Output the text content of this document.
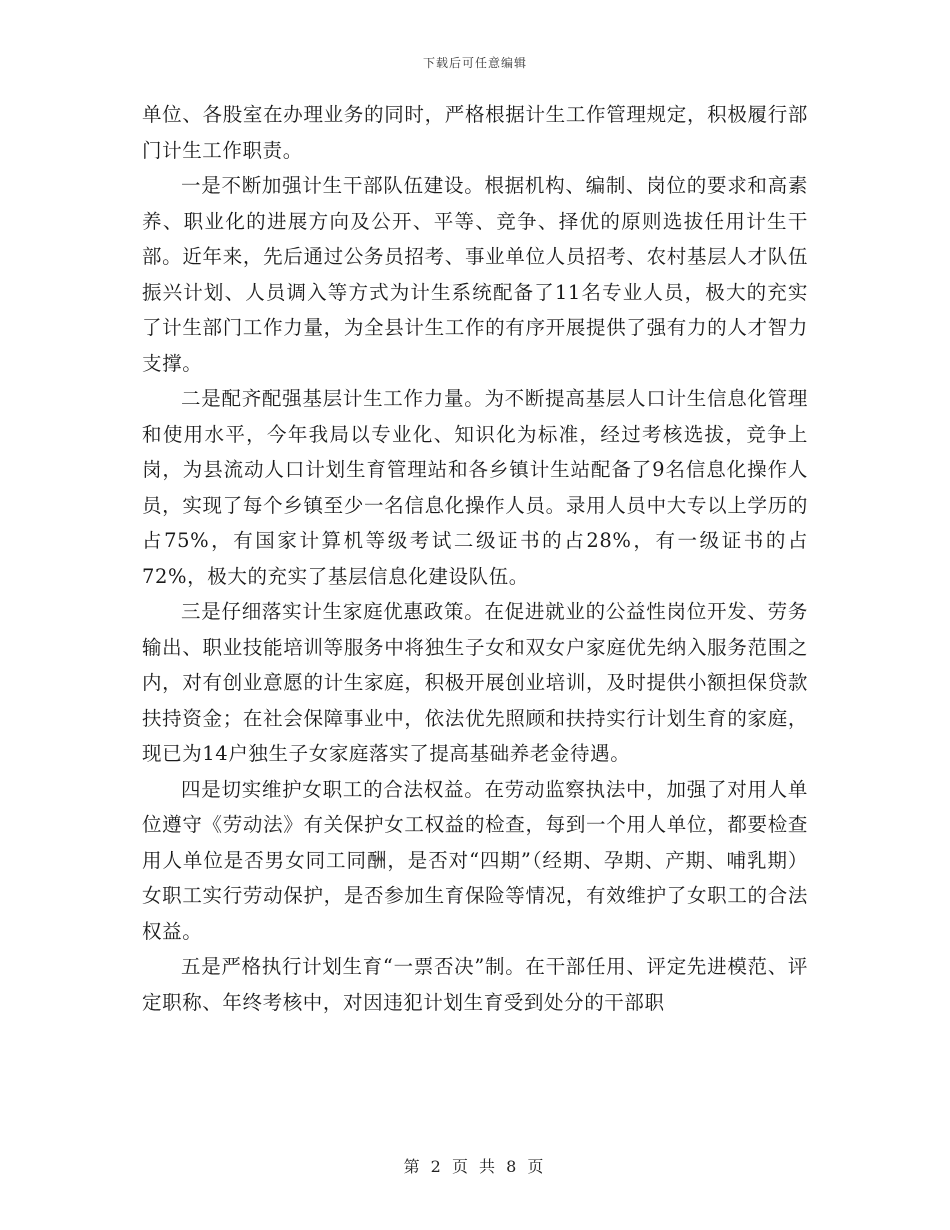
下载后可任意编辑

单位、各股室在办理业务的同时，严格根据计生工作管理规定，积极履行部门计生工作职责。

一是不断加强计生干部队伍建设。根据机构、编制、岗位的要求和高素养、职业化的进展方向及公开、平等、竞争、择优的原则选拔任用计生干部。近年来，先后通过公务员招考、事业单位人员招考、农村基层人才队伍振兴计划、人员调入等方式为计生系统配备了11名专业人员，极大的充实了计生部门工作力量，为全县计生工作的有序开展提供了强有力的人才智力支撑。

二是配齐配强基层计生工作力量。为不断提高基层人口计生信息化管理和使用水平，今年我局以专业化、知识化为标准，经过考核选拔，竞争上岗，为县流动人口计划生育管理站和各乡镇计生站配备了9名信息化操作人员，实现了每个乡镇至少一名信息化操作人员。录用人员中大专以上学历的占75%，有国家计算机等级考试二级证书的占28%，有一级证书的占72%，极大的充实了基层信息化建设队伍。

三是仔细落实计生家庭优惠政策。在促进就业的公益性岗位开发、劳务输出、职业技能培训等服务中将独生子女和双女户家庭优先纳入服务范围之内，对有创业意愿的计生家庭，积极开展创业培训，及时提供小额担保贷款扶持资金；在社会保障事业中，依法优先照顾和扶持实行计划生育的家庭，现已为14户独生子女家庭落实了提高基础养老金待遇。

四是切实维护女职工的合法权益。在劳动监察执法中，加强了对用人单位遵守《劳动法》有关保护女工权益的检查，每到一个用人单位，都要检查用人单位是否男女同工同酬，是否对“四期”（经期、孕期、产期、哺乳期）女职工实行劳动保护，是否参加生育保险等情况，有效维护了女职工的合法权益。

五是严格执行计划生育“一票否决”制。在干部任用、评定先进模范、评定职称、年终考核中，对因违犯计划生育受到处分的干部职

第 2 页 共 8 页
